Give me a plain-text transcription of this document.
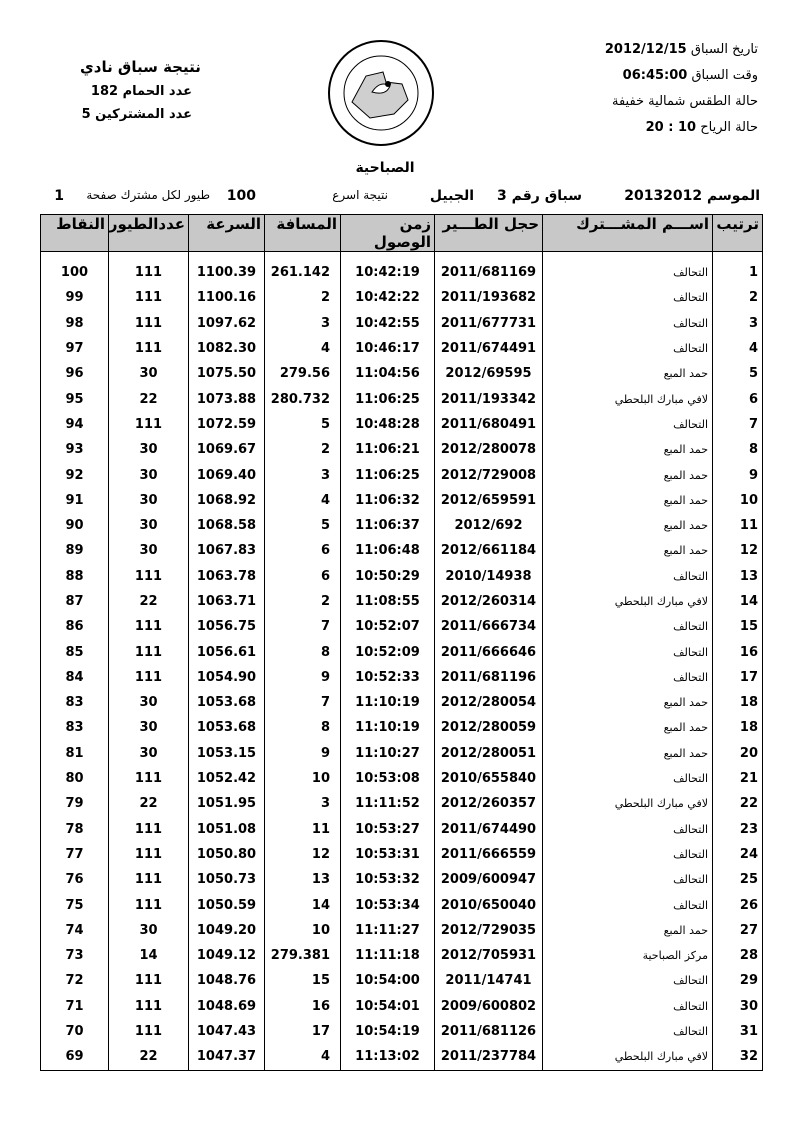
نتيجة سباق نادي
عدد الحمام 182
عدد المشتركين 5
تاريخ السباق 2012/12/15
وقت السباق 06:45:00
حالة الطقس شمالية خفيفة
حالة الرياح 10 : 20
الصباحية
الموسم 20132012
سباق رقم 3
الجبيل
نتيجة اسرع
100
طيور لكل مشترك صفحة
1
ترتيب	اســـم المشـــترك	حجل الطـــير	زمن الوصول	المسافة	السرعة	عددالطيور	النقاط

1	التحالف	2011/681169	10:42:19	261.142	1100.39	111	100
2	التحالف	2011/193682	10:42:22	2	1100.16	111	99
3	التحالف	2011/677731	10:42:55	3	1097.62	111	98
4	التحالف	2011/674491	10:46:17	4	1082.30	111	97
5	حمد المبع	2012/69595	11:04:56	279.56	1075.50	30	96
6	لافي مبارك البلحطي	2011/193342	11:06:25	280.732	1073.88	22	95
7	التحالف	2011/680491	10:48:28	5	1072.59	111	94
8	حمد المبع	2012/280078	11:06:21	2	1069.67	30	93
9	حمد المبع	2012/729008	11:06:25	3	1069.40	30	92
10	حمد المبع	2012/659591	11:06:32	4	1068.92	30	91
11	حمد المبع	2012/692	11:06:37	5	1068.58	30	90
12	حمد المبع	2012/661184	11:06:48	6	1067.83	30	89
13	التحالف	2010/14938	10:50:29	6	1063.78	111	88
14	لافي مبارك البلحطي	2012/260314	11:08:55	2	1063.71	22	87
15	التحالف	2011/666734	10:52:07	7	1056.75	111	86
16	التحالف	2011/666646	10:52:09	8	1056.61	111	85
17	التحالف	2011/681196	10:52:33	9	1054.90	111	84
18	حمد المبع	2012/280054	11:10:19	7	1053.68	30	83
18	حمد المبع	2012/280059	11:10:19	8	1053.68	30	83
20	حمد المبع	2012/280051	11:10:27	9	1053.15	30	81
21	التحالف	2010/655840	10:53:08	10	1052.42	111	80
22	لافي مبارك البلحطي	2012/260357	11:11:52	3	1051.95	22	79
23	التحالف	2011/674490	10:53:27	11	1051.08	111	78
24	التحالف	2011/666559	10:53:31	12	1050.80	111	77
25	التحالف	2009/600947	10:53:32	13	1050.73	111	76
26	التحالف	2010/650040	10:53:34	14	1050.59	111	75
27	حمد المبع	2012/729035	11:11:27	10	1049.20	30	74
28	مركز الصباحية	2012/705931	11:11:18	279.381	1049.12	14	73
29	التحالف	2011/14741	10:54:00	15	1048.76	111	72
30	التحالف	2009/600802	10:54:01	16	1048.69	111	71
31	التحالف	2011/681126	10:54:19	17	1047.43	111	70
32	لافي مبارك البلحطي	2011/237784	11:13:02	4	1047.37	22	69
